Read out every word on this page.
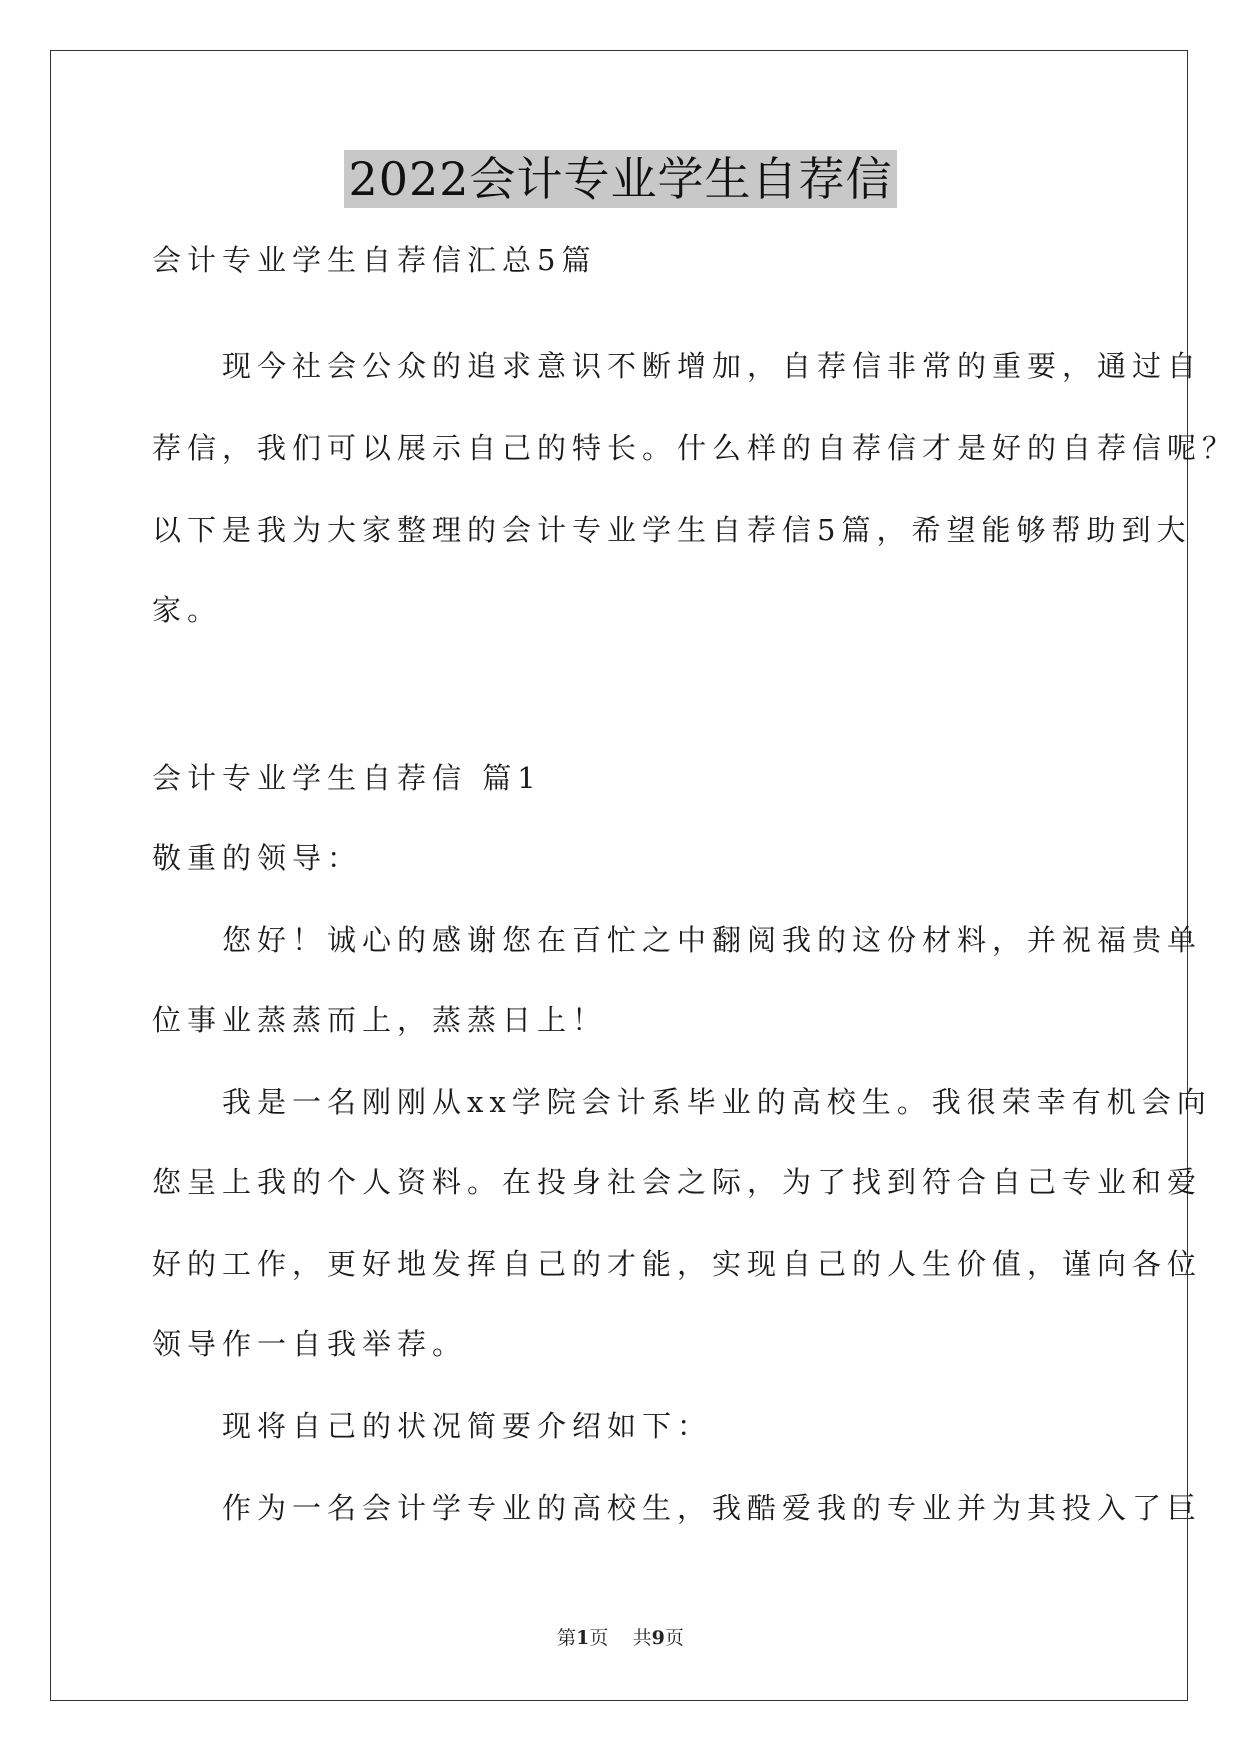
2022会计专业学生自荐信
会计专业学生自荐信汇总5篇
　　现今社会公众的追求意识不断增加，自荐信非常的重要，通过自
荐信，我们可以展示自己的特长。什么样的自荐信才是好的自荐信呢？
以下是我为大家整理的会计专业学生自荐信5篇，希望能够帮助到大
家。
会计专业学生自荐信 篇1
敬重的领导：
　　您好！诚心的感谢您在百忙之中翻阅我的这份材料，并祝福贵单
位事业蒸蒸而上，蒸蒸日上！
　　我是一名刚刚从xx学院会计系毕业的高校生。我很荣幸有机会向
您呈上我的个人资料。在投身社会之际，为了找到符合自己专业和爱
好的工作，更好地发挥自己的才能，实现自己的人生价值，谨向各位
领导作一自我举荐。
　　现将自己的状况简要介绍如下：
　　作为一名会计学专业的高校生，我酷爱我的专业并为其投入了巨
第1页 共9页
